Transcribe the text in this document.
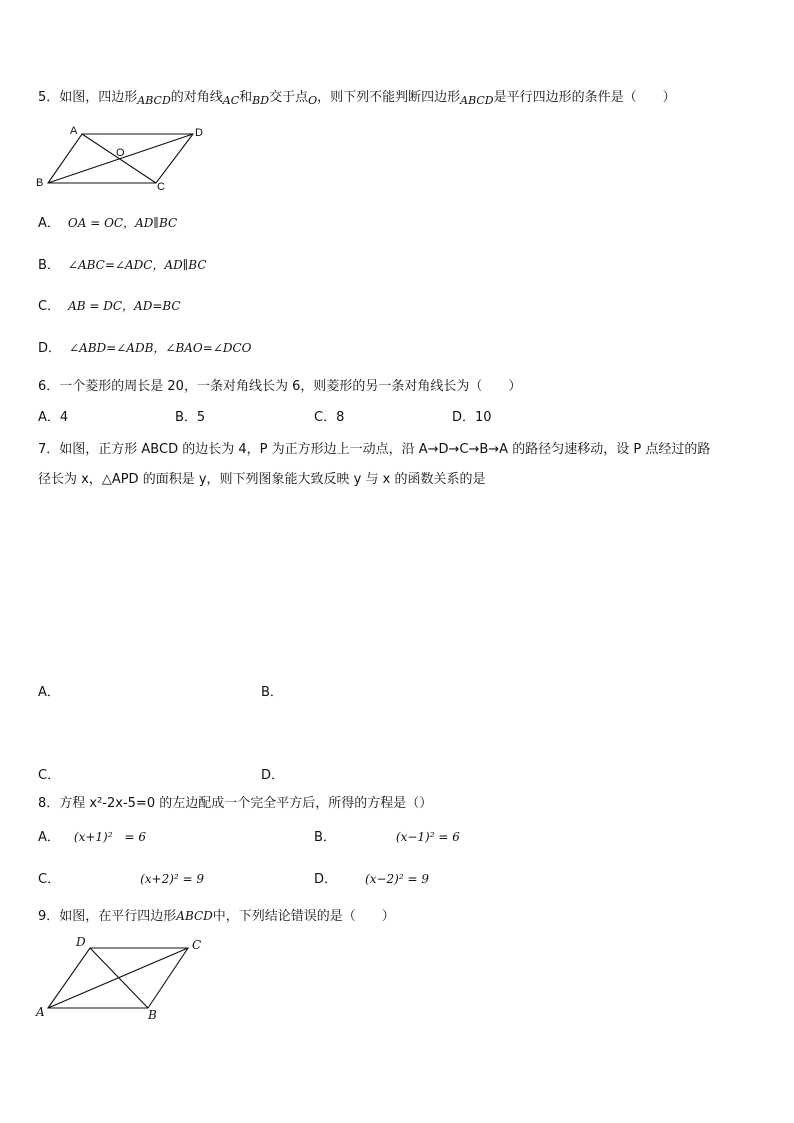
5．如图，四边形$_{ABCD}$的对角线$_{AC}$和$_{BD}$交于点$_O$，则下列不能判断四边形$_{ABCD}$是平行四边形的条件是（　　）
A	D
O
B	C
A． OA = OC，AD∥BC
B． ∠ABC=∠ADC，AD∥BC
C． AB = DC，AD=BC
D． ∠ABD=∠ADB，∠BAO=∠DCO
6．一个菱形的周长是 20，一条对角线长为 6，则菱形的另一条对角线长为（　　）
A．4	B．5	C．8	D．10
7．如图，正方形 ABCD 的边长为 4，P 为正方形边上一动点，沿 A→D→C→B→A 的路径匀速移动，设 P 点经过的路
径长为 x，△APD 的面积是 y，则下列图象能大致反映 y 与 x 的函数关系的是
A．	B．
C．	D．
8．方程 x²-2x-5=0 的左边配成一个完全平方后，所得的方程是（）
A． (x+1)²　= 6	B．	(x−1)² = 6
C．	(x+2)² = 9	D． (x−2)² = 9
9．如图，在平行四边形ABCD中，下列结论错误的是（　　）
D	C
A	B
